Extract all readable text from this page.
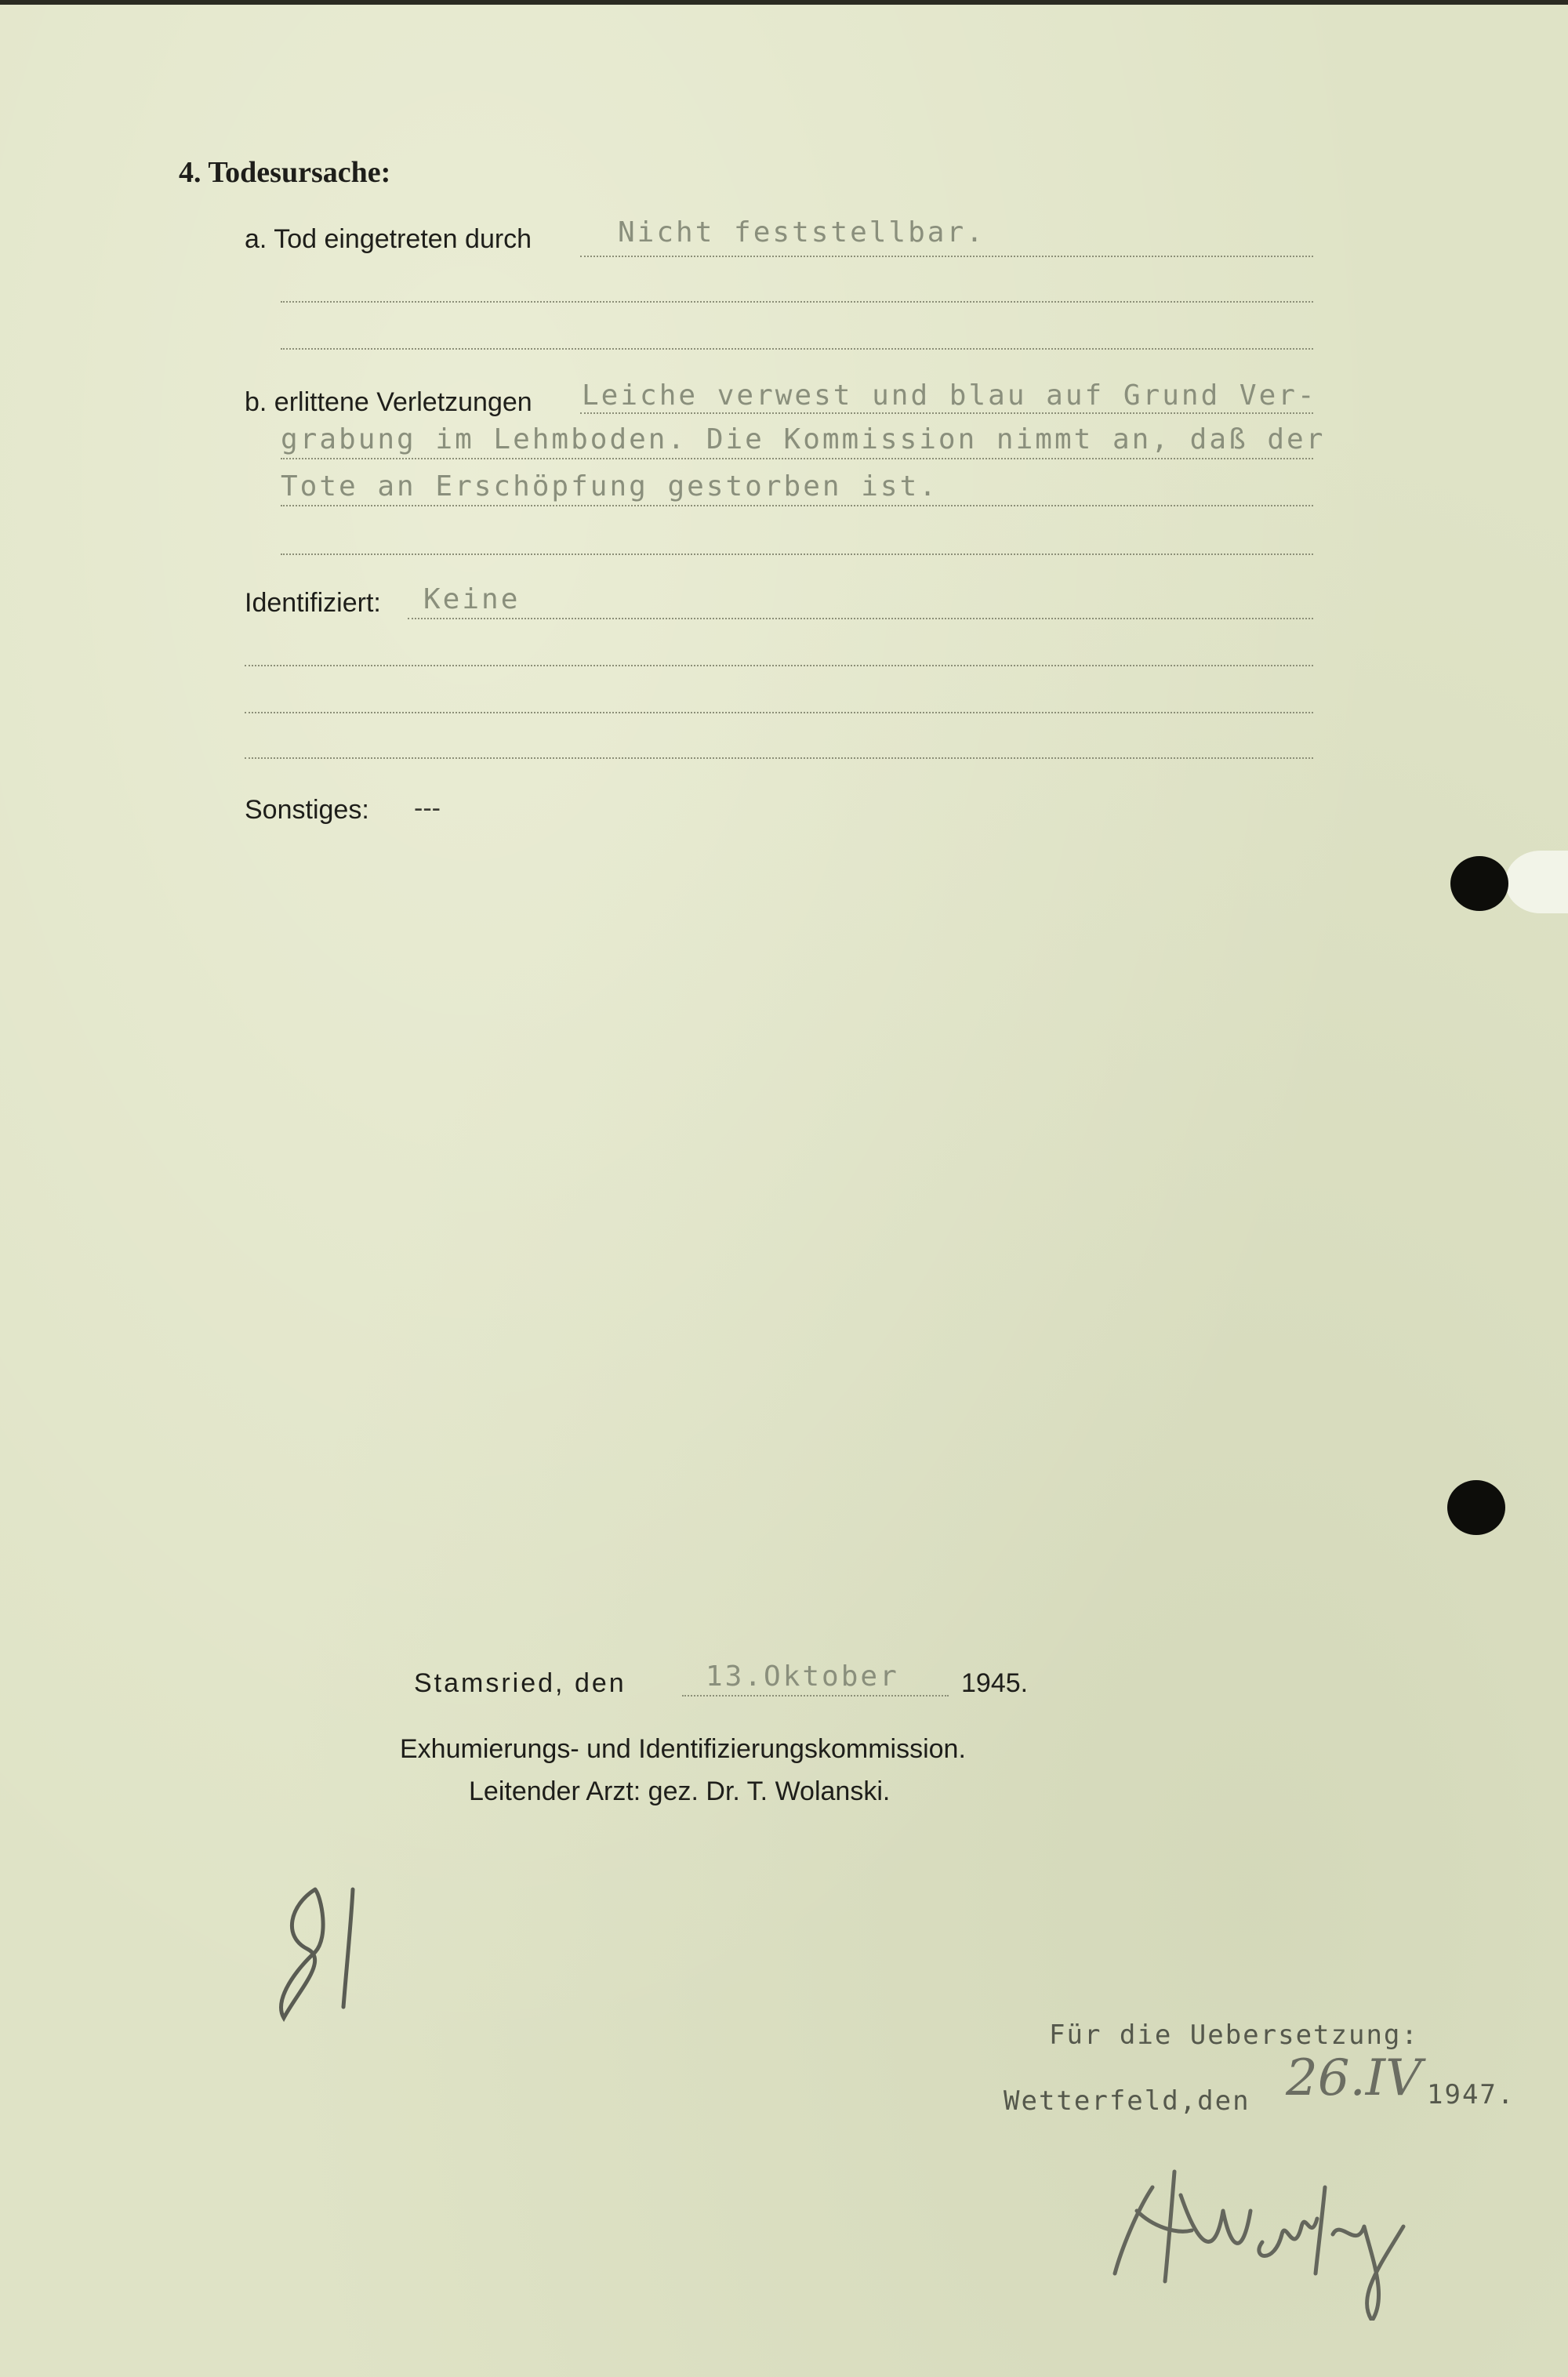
4. Todesursache:
a. Tod eingetreten durch	Nicht feststellbar.
b. erlittene Verletzungen Leiche verwest und blau auf Grund Ver-
grabung im Lehmboden. Die Kommission nimmt an, daß der
Tote an Erschöpfung gestorben ist.
Identifiziert: Keine
Sonstiges: ---
Stamsried, den	13.Oktober 1945.
Exhumierungs- und Identifizierungskommission.
Leitender Arzt: gez. Dr. T. Wolanski.
Für die Uebersetzung:
Wetterfeld,den 26.IV 1947.
